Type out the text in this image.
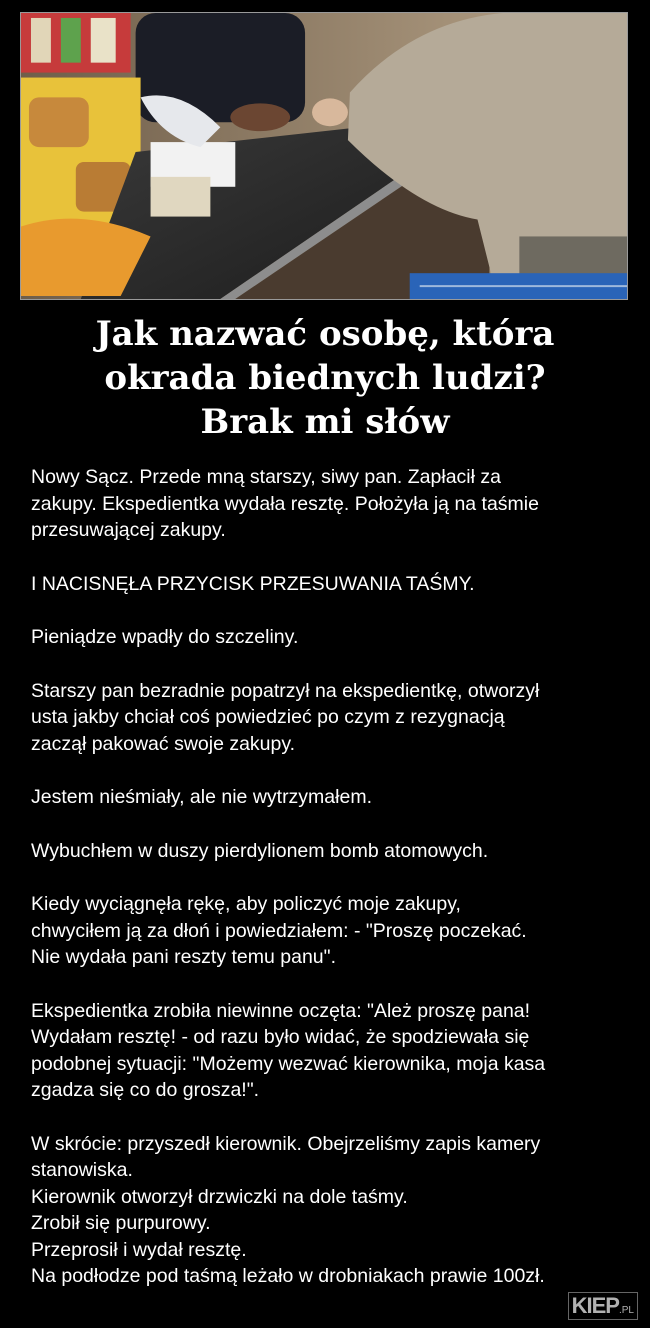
Jak nazwać osobę, która
okrada biednych ludzi?
Brak mi słów
Nowy Sącz. Przede mną starszy, siwy pan. Zapłacił za
zakupy. Ekspedientka wydała resztę. Położyła ją na taśmie
przesuwającej zakupy.
I NACISNĘŁA PRZYCISK PRZESUWANIA TAŚMY.
Pieniądze wpadły do szczeliny.
Starszy pan bezradnie popatrzył na ekspedientkę, otworzył
usta jakby chciał coś powiedzieć po czym z rezygnacją
zaczął pakować swoje zakupy.
Jestem nieśmiały, ale nie wytrzymałem.
Wybuchłem w duszy pierdylionem bomb atomowych.
Kiedy wyciągnęła rękę, aby policzyć moje zakupy,
chwyciłem ją za dłoń i powiedziałem: - "Proszę poczekać.
Nie wydała pani reszty temu panu".
Ekspedientka zrobiła niewinne oczęta: "Ależ proszę pana!
Wydałam resztę! - od razu było widać, że spodziewała się
podobnej sytuacji: "Możemy wezwać kierownika, moja kasa
zgadza się co do grosza!".
W skrócie: przyszedł kierownik. Obejrzeliśmy zapis kamery
stanowiska.
Kierownik otworzył drzwiczki na dole taśmy.
Zrobił się purpurowy.
Przeprosił i wydał resztę.
Na podłodze pod taśmą leżało w drobniakach prawie 100zł.
KIEP.PL
